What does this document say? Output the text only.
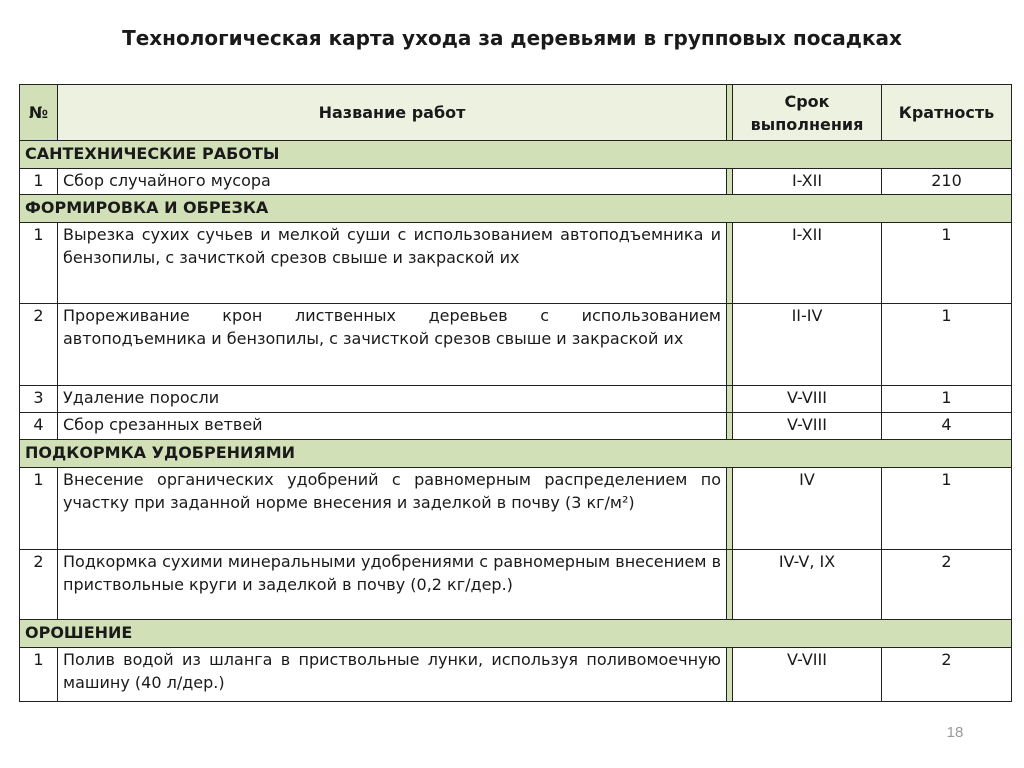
Технологическая карта ухода за деревьями в групповых посадках
№	Название работ		Срок выполнения	Кратность
САНТЕХНИЧЕСКИЕ РАБОТЫ				
1	Сбор случайного мусора		I-XII	210
ФОРМИРОВКА И ОБРЕЗКА				
1	Вырезка сухих сучьев и мелкой суши с использованием автоподъемника и бензопилы, с зачисткой срезов свыше и закраской их		I-XII	1
2	Прореживание крон лиственных деревьев с использованием автоподъемника и бензопилы, с зачисткой срезов свыше и закраской их		II-IV	1
3	Удаление поросли		V-VIII	1
4	Сбор срезанных ветвей		V-VIII	4
ПОДКОРМКА УДОБРЕНИЯМИ				
1	Внесение органических удобрений с равномерным распределением по участку при заданной норме внесения и заделкой в почву (3 кг/м²)		IV	1
2	Подкормка сухими минеральными удобрениями с равномерным внесением в приствольные круги и заделкой в почву (0,2 кг/дер.)		IV-V, IX	2
ОРОШЕНИЕ				
1	Полив водой из шланга в приствольные лунки, используя поливомоечную машину (40 л/дер.)		V-VIII	2
18
